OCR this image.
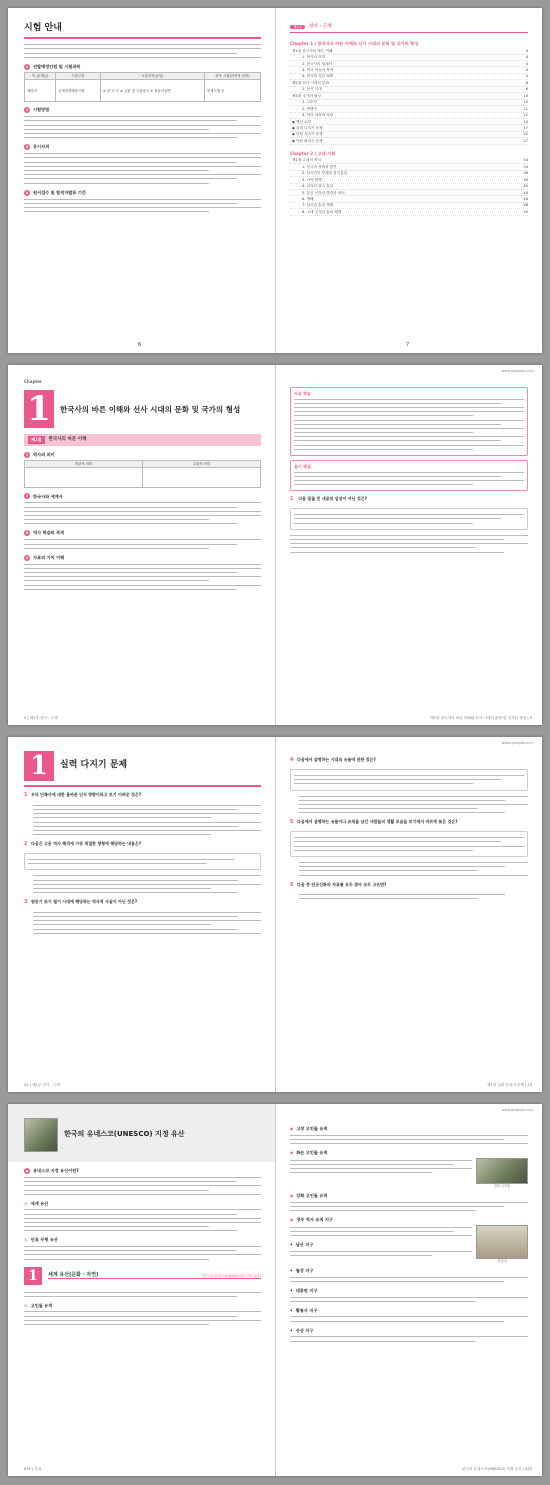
시험 안내
1	선발예정인원 및 시험과목
직 급(계급)	시험구분	시험과목(문항)	과목 시험(과목당 문항)
계리직	공개경쟁채용시험	① 한 국 사 ② 우편 및 금융상식 ③ 컴퓨터일반	현재시행 중
2	시험방법
3	응시자격
4	원서접수 및 합격자발표 기간
6
제1부	선사 - 근세
Chapter 1 | 한국사의 바른 이해와 선사 시대의 문화 및 국가의 형성
제1절 한국사의 바른 이해	4
1. 역사의 의미	4
2. 한국사의 세계사	4
3. 역사 학습의 목적	4
4. 역사의 기본 체계	4
제2절 선사 시대의 문화	6
1. 선사 시대	6
제3절 국가의 형성	10
1. 고조선	10
2. 연맹국	11
3. 여러 나라의 성장	12
◆ 핵심 요약	14
◆ 실력 다지기 문제	17
◆ 단원 기르기 문제	22
◆ 단원 불리기 문제	27
Chapter 2 | 고대 사회
제1절 고대의 정치	34
1. 삼국의 성립과 발전	34
2. 삼국간의 항쟁과 삼국통일	36
3. 가야 연맹	39
4. 신라의 삼국 통일	40
5. 통일 신라의 발전과 쇠퇴	44
6. 발해	46
7. 삼국의 통치 체제	48
8. 고대 국가의 통치 체제	50
7
Chapter
1	한국사의 바른 이해와 선사 시대의 문화 및 국가의 형성
제1절	한국사의 바른 이해
1	역사의 의미
객관적 의미	주관적 의미

2	한국사와 세계사
3	역사 학습의 목적
4	사료의 가치 이해
4 | 제1부 선사 - 근세
www.gosijob.co.kr
사료 학습
용어 해설
1 다음 밑줄 친 내용의 입장이 아닌 것은?
제1장 한국사의 바른 이해와 선사 시대의 문화 및 국가의 형성 | 5
1	실력 다지기 문제
1 우리 민족사에 대한 올바른 인식 방향이라고 보기 어려운 것은?
2 다음은 고운 역사 해석에 가장 적절한 평형에 해당하는 내용은?
3 원동기 초기 철기 시대에 해당하는 역사적 사실이 아닌 것은?
22 | 제1부 선사 - 근세
www.gosijob.co.kr
4 다음에서 설명하는 시대의 유물에 관한 것은?
5 다음에서 설명하는 유물이나 유적을 남긴 사람들의 생활 모습을 보기에서 바르게 묶은 것은?
6 다음 중 단군신화의 자료를 모두 찾아 모두 고르면?
제1장 실력 다지기 문제 | 23
한국의 유네스코(UNESCO) 지정 유산
◆	유네스코 지정 유산이란?
◎ 세계 유산
◎ 인류 무형 유산
1	세계 유산(문화 · 자연)	[한국의 유네스코(UNESCO) 지정 유산]
◎ 고인돌 유적
632 | 부록
www.gosijob.co.kr
◆ 고창 고인돌 유적
◆ 화순 고인돌 유적
강화 고인돌
◆ 강화 고인돌 유적
◆ 경주 역사 유적 지구
• 남산 지구
첨성대
• 월성 지구
• 대릉원 지구
• 황룡사 지구
• 산성 지구
한국의 유네스코(UNESCO) 지정 유산 | 633
